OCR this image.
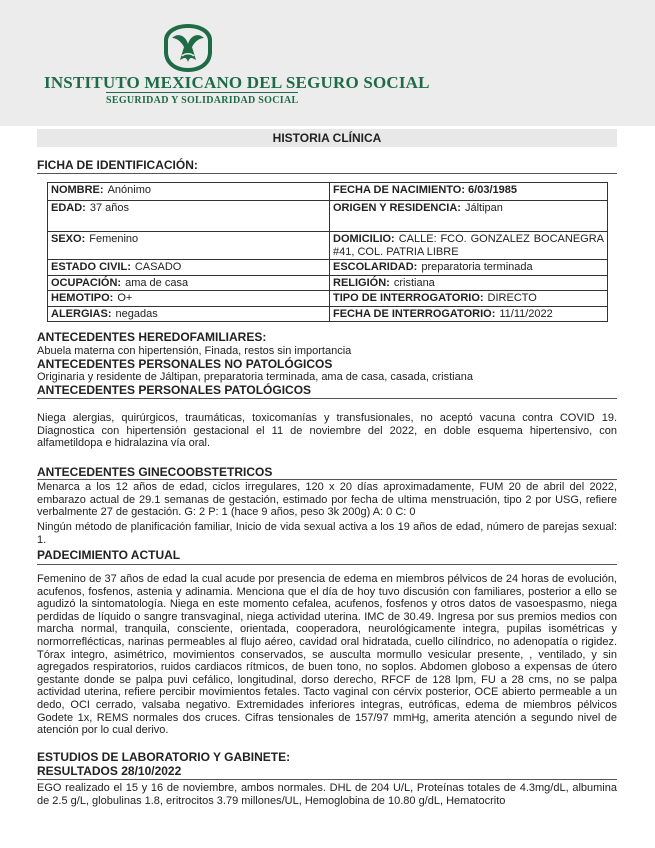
INSTITUTO MEXICANO DEL SEGURO SOCIAL
SEGURIDAD Y SOLIDARIDAD SOCIAL
HISTORIA CLÍNICA
FICHA DE IDENTIFICACIÓN:
NOMBRE: Anónimo	FECHA DE NACIMIENTO: 6/03/1985
EDAD: 37 años	ORIGEN Y RESIDENCIA: Jáltipan
SEXO: Femenino	DOMICILIO: CALLE: FCO. GONZALEZ BOCANEGRA #41, COL. PATRIA LIBRE
ESTADO CIVIL: CASADO	ESCOLARIDAD: preparatoria terminada
OCUPACIÓN: ama de casa	RELIGIÓN: cristiana
HEMOTIPO: O+	TIPO DE INTERROGATORIO: DIRECTO
ALERGIAS: negadas	FECHA DE INTERROGATORIO: 11/11/2022
ANTECEDENTES HEREDOFAMILIARES:
Abuela materna con hipertensión, Finada, restos sin importancia
ANTECEDENTES PERSONALES NO PATOLÓGICOS
Originaria y residente de Jáltipan, preparatoria terminada, ama de casa, casada, cristiana
ANTECEDENTES PERSONALES PATOLÓGICOS
Niega alergias, quirúrgicos, traumáticas, toxicomanías y transfusionales, no aceptó vacuna contra COVID 19. Diagnostica con hipertensión gestacional el 11 de noviembre del 2022, en doble esquema hipertensivo, con alfametildopa e hidralazina vía oral.
ANTECEDENTES GINECOOBSTETRICOS
Menarca a los 12 años de edad, ciclos irregulares, 120 x 20 días aproximadamente, FUM 20 de abril del 2022, embarazo actual de 29.1 semanas de gestación, estimado por fecha de ultima menstruación, tipo 2 por USG, refiere verbalmente 27 de gestación. G: 2 P: 1 (hace 9 años, peso 3k 200g) A: 0 C: 0
Ningún método de planificación familiar, Inicio de vida sexual activa a los 19 años de edad, número de parejas sexual: 1.
PADECIMIENTO ACTUAL
Femenino de 37 años de edad la cual acude por presencia de edema en miembros pélvicos de 24 horas de evolución, acufenos, fosfenos, astenia y adinamia. Menciona que el día de hoy tuvo discusión con familiares, posterior a ello se agudizó la sintomatología. Niega en este momento cefalea, acufenos, fosfenos y otros datos de vasoespasmo, niega perdidas de líquido o sangre transvaginal, niega actividad uterina. IMC de 30.49. Ingresa por sus premios medios con marcha normal, tranquila, consciente, orientada, cooperadora, neurológicamente integra, pupilas isométricas y normorreflécticas, narinas permeables al flujo aéreo, cavidad oral hidratada, cuello cilíndrico, no adenopatía o rigidez. Tórax integro, asimétrico, movimientos conservados, se ausculta mormullo vesicular presente, , ventilado, y sin agregados respiratorios, ruidos cardiacos rítmicos, de buen tono, no soplos. Abdomen globoso a expensas de útero gestante donde se palpa puvi cefálico, longitudinal, dorso derecho, RFCF de 128 lpm, FU a 28 cms, no se palpa actividad uterina, refiere percibir movimientos fetales. Tacto vaginal con cérvix posterior, OCE abierto permeable a un dedo, OCI cerrado, valsaba negativo. Extremidades inferiores integras, eutróficas, edema de miembros pélvicos Godete 1x, REMS normales dos cruces. Cifras tensionales de 157/97 mmHg, amerita atención a segundo nivel de atención por lo cual derivo.
ESTUDIOS DE LABORATORIO Y GABINETE:
RESULTADOS 28/10/2022
EGO realizado el 15 y 16 de noviembre, ambos normales. DHL de 204 U/L, Proteínas totales de 4.3mg/dL, albumina de 2.5 g/L, globulinas 1.8, eritrocitos 3.79 millones/UL, Hemoglobina de 10.80 g/dL, Hematocrito
